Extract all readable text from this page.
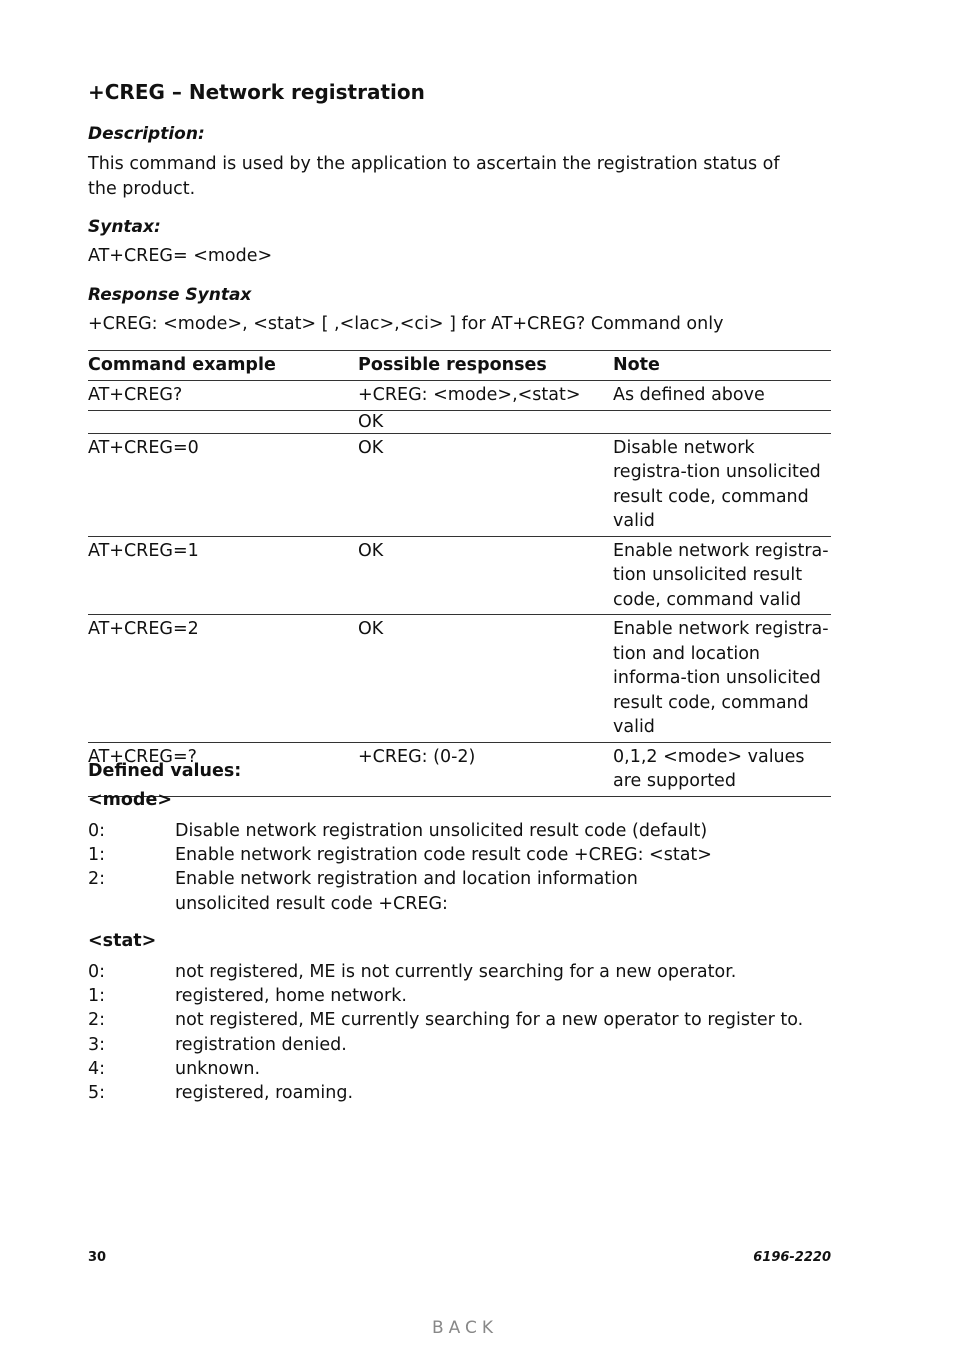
+CREG – Network registration
Description:
This command is used by the application to ascertain the registration status of the product.
Syntax:
AT+CREG= <mode>
Response Syntax
+CREG: <mode>, <stat> [ ,<lac>,<ci> ] for AT+CREG? Command only
Command example	Possible responses	Note
AT+CREG?	+CREG: <mode>,<stat>	As defined above
	OK	
AT+CREG=0	OK	Disable network registra-tion unsolicited result code, command valid
AT+CREG=1	OK	Enable network registra-tion unsolicited result code, command valid
AT+CREG=2	OK	Enable network registra-tion and location informa-tion unsolicited result code, command valid
AT+CREG=?	+CREG: (0-2)	0,1,2 <mode> values are supported
Defined values:
<mode>
0:	Disable network registration unsolicited result code (default)
1:	Enable network registration code result code +CREG: <stat>
2:	Enable network registration and location information unsolicited result code +CREG:
<stat>
0:	not registered, ME is not currently searching for a new operator.
1:	registered, home network.
2:	not registered, ME currently searching for a new operator to register to.
3:	registration denied.
4:	unknown.
5:	registered, roaming.
30	6196-2220
BACK
